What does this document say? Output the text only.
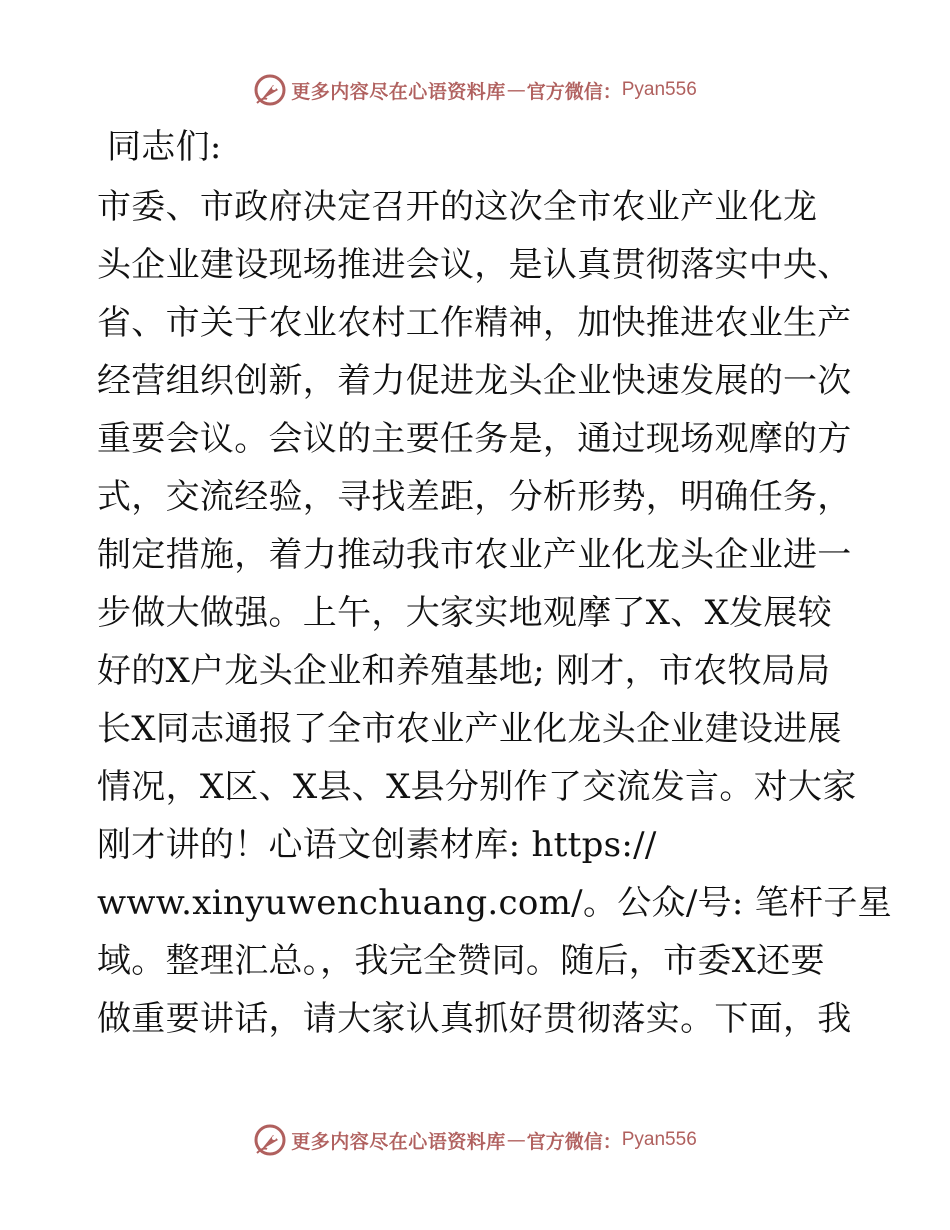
更多内容尽在心语资料库 — 官方微信： Pyan556
同志们:
市委、市政府决定召开的这次全市农业产业化龙
头企业建设现场推进会议，是认真贯彻落实中央、
省、市关于农业农村工作精神，加快推进农业生产
经营组织创新，着力促进龙头企业快速发展的一次
重要会议。会议的主要任务是，通过现场观摩的方
式，交流经验，寻找差距，分析形势，明确任务，
制定措施，着力推动我市农业产业化龙头企业进一
步做大做强。上午，大家实地观摩了X、X发展较
好的X户龙头企业和养殖基地; 刚才，市农牧局局
长X同志通报了全市农业产业化龙头企业建设进展
情况，X区、X县、X县分别作了交流发言。对大家
刚才讲的！心语文创素材库: https://
www.xinyuwenchuang.com/。公众/号: 笔杆子星
域。整理汇总。，我完全赞同。随后，市委X还要
做重要讲话，请大家认真抓好贯彻落实。下面，我
更多内容尽在心语资料库 — 官方微信： Pyan556
